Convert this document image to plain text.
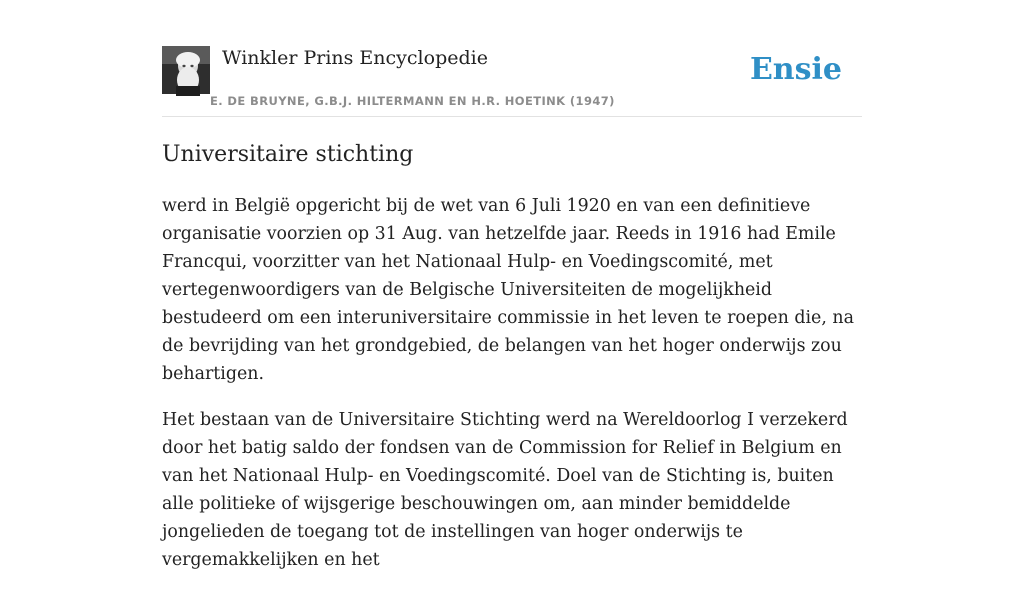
Winkler Prins Encyclopedie
E. DE BRUYNE, G.B.J. HILTERMANN EN H.R. HOETINK (1947)
Ensie
Universitaire stichting

werd in België opgericht bij de wet van 6 Juli 1920 en van een definitieve organisatie voorzien op 31 Aug. van hetzelfde jaar. Reeds in 1916 had Emile Francqui, voorzitter van het Nationaal Hulp- en Voedingscomité, met vertegenwoordigers van de Belgische Universiteiten de mogelijkheid bestudeerd om een interuniversitaire commissie in het leven te roepen die, na de bevrijding van het grondgebied, de belangen van het hoger onderwijs zou behartigen.

Het bestaan van de Universitaire Stichting werd na Wereldoorlog I verzekerd door het batig saldo der fondsen van de Commission for Relief in Belgium en van het Nationaal Hulp- en Voedingscomité. Doel van de Stichting is, buiten alle politieke of wijsgerige beschouwingen om, aan minder bemiddelde jongelieden de toegang tot de instellingen van hoger onderwijs te vergemakkelijken en het
